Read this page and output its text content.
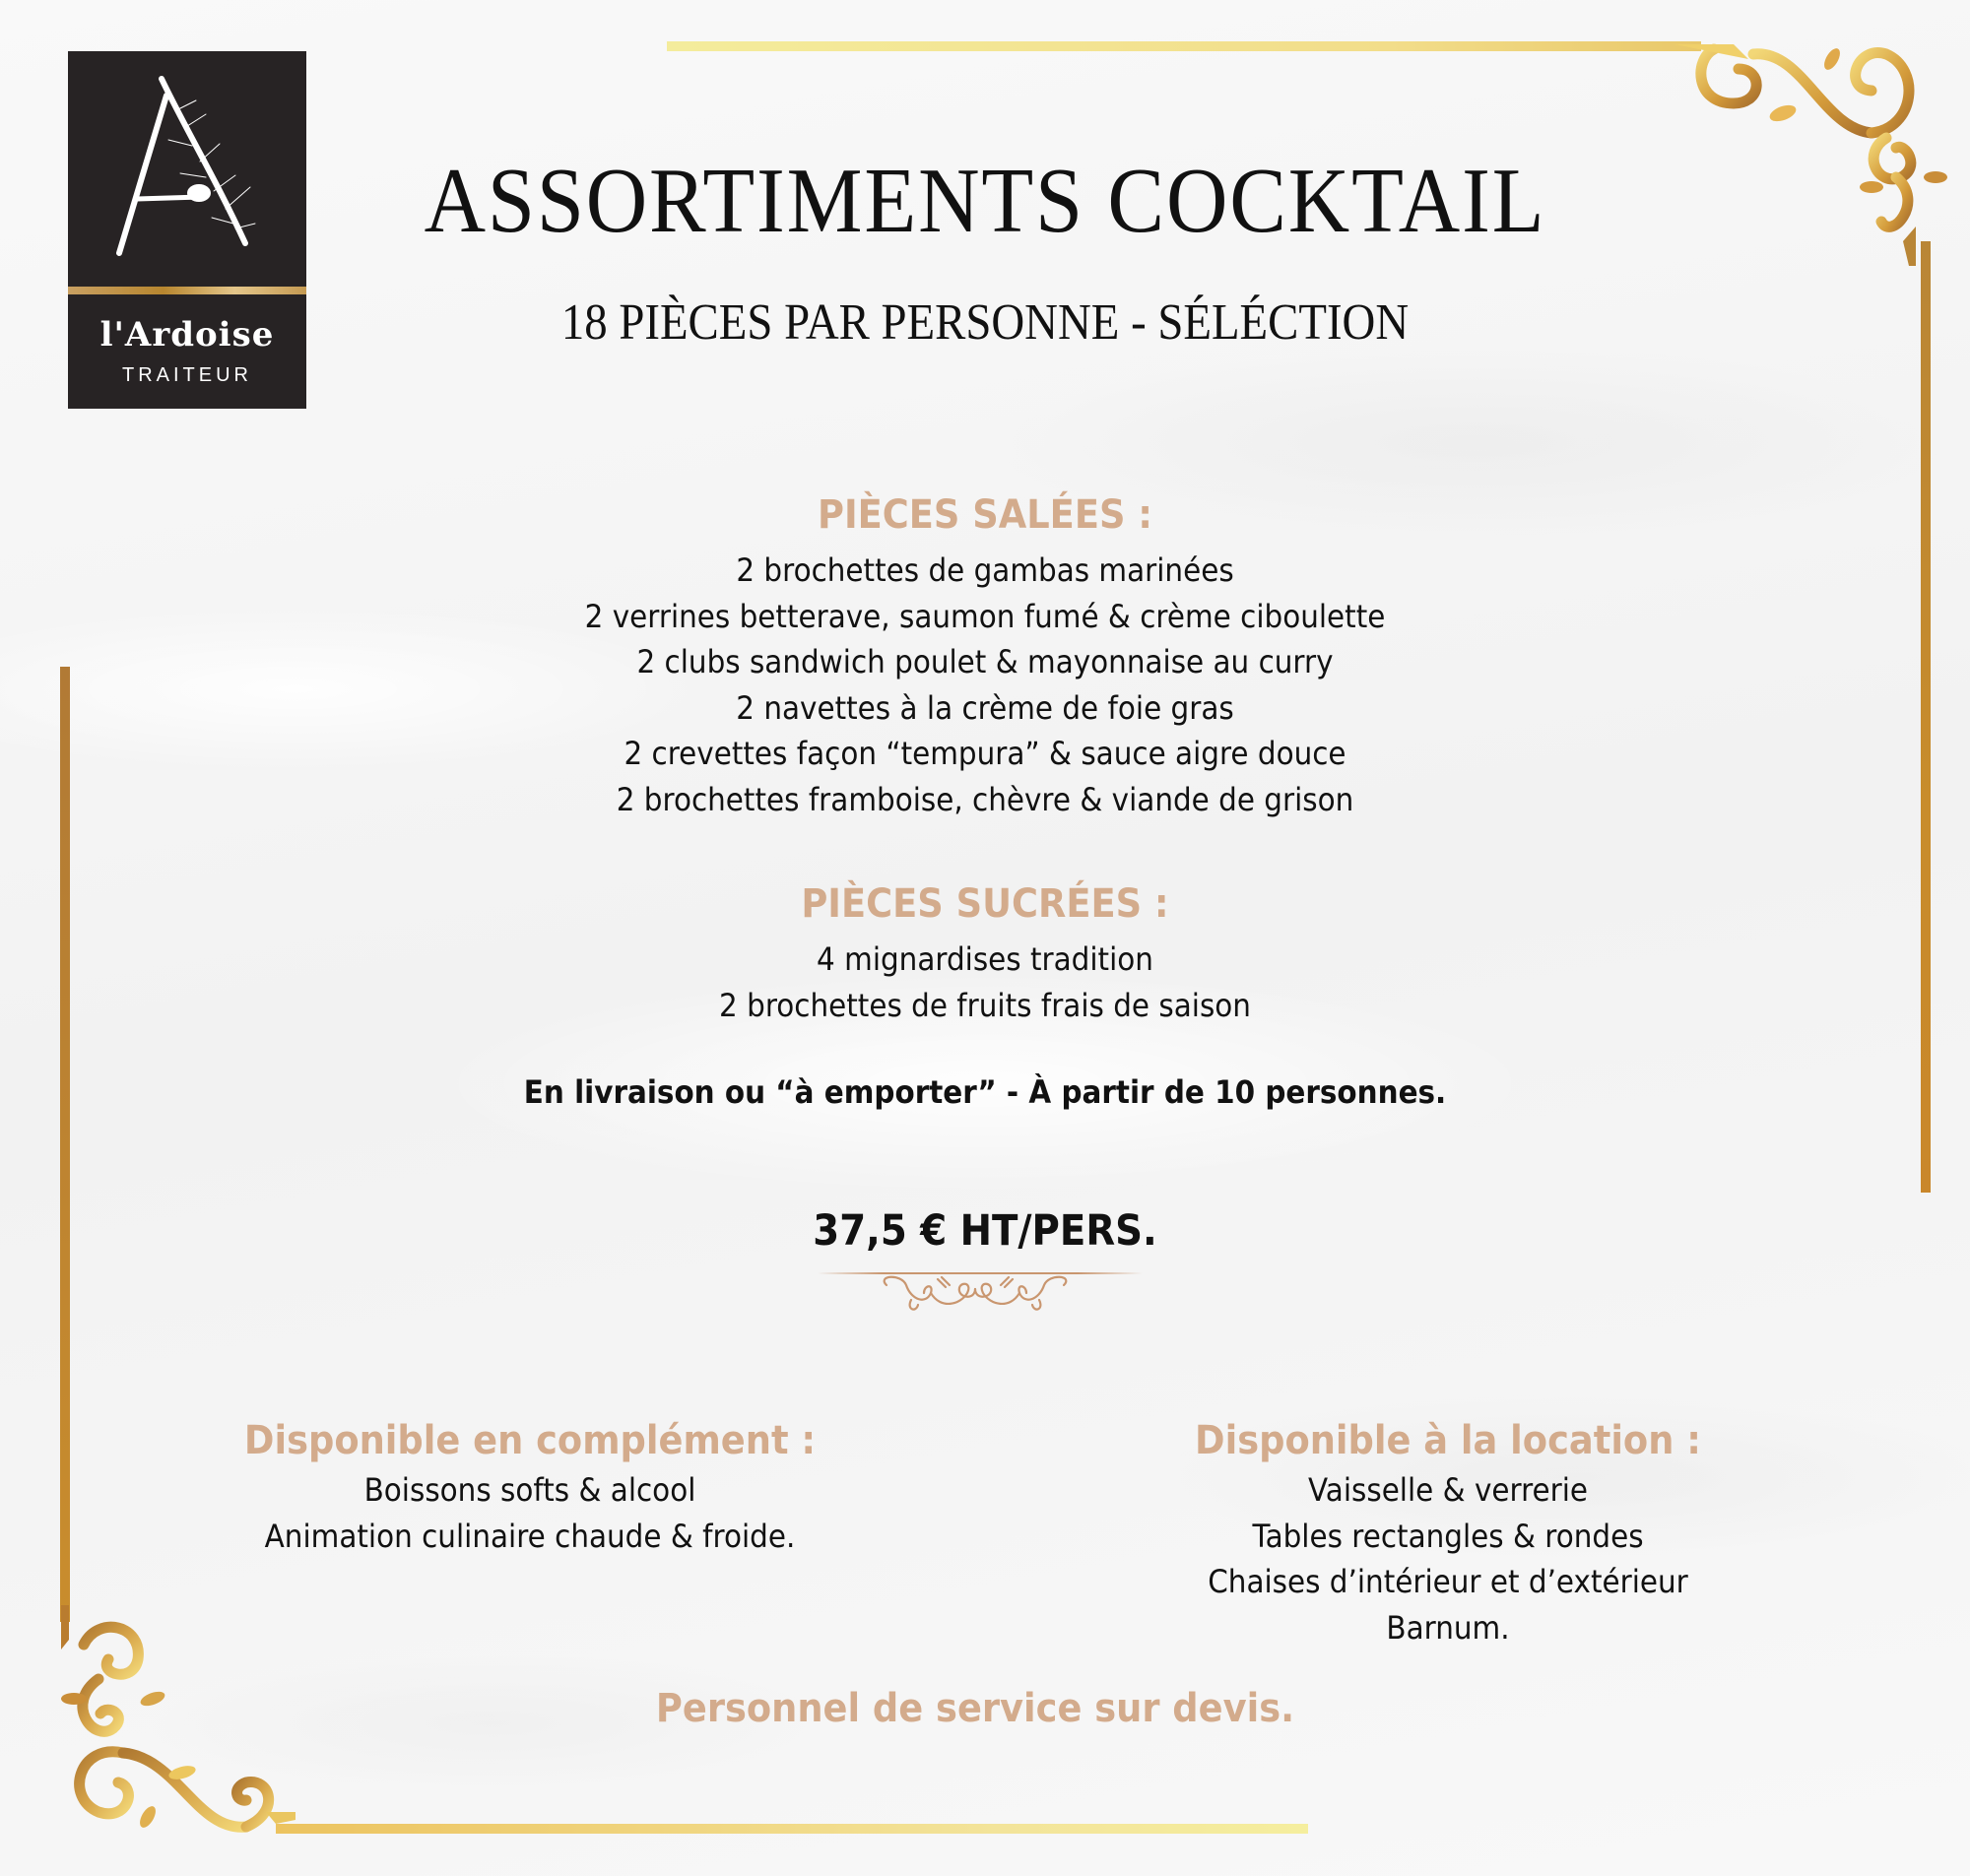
l'Ardoise
TRAITEUR
ASSORTIMENTS COCKTAIL
18 PIÈCES PAR PERSONNE - SÉLÉCTION
PIÈCES SALÉES :
2 brochettes de gambas marinées
2 verrines betterave, saumon fumé & crème ciboulette
2 clubs sandwich poulet & mayonnaise au curry
2 navettes à la crème de foie gras
2 crevettes façon “tempura” & sauce aigre douce
2 brochettes framboise, chèvre & viande de grison
PIÈCES SUCRÉES :
4 mignardises tradition
2 brochettes de fruits frais de saison
En livraison ou “à emporter” - À partir de 10 personnes.
37,5 € HT/PERS.
Disponible en complément :
Boissons softs & alcool
Animation culinaire chaude & froide.
Disponible à la location :
Vaisselle & verrerie
Tables rectangles & rondes
Chaises d’intérieur et d’extérieur
Barnum.
Personnel de service sur devis.
